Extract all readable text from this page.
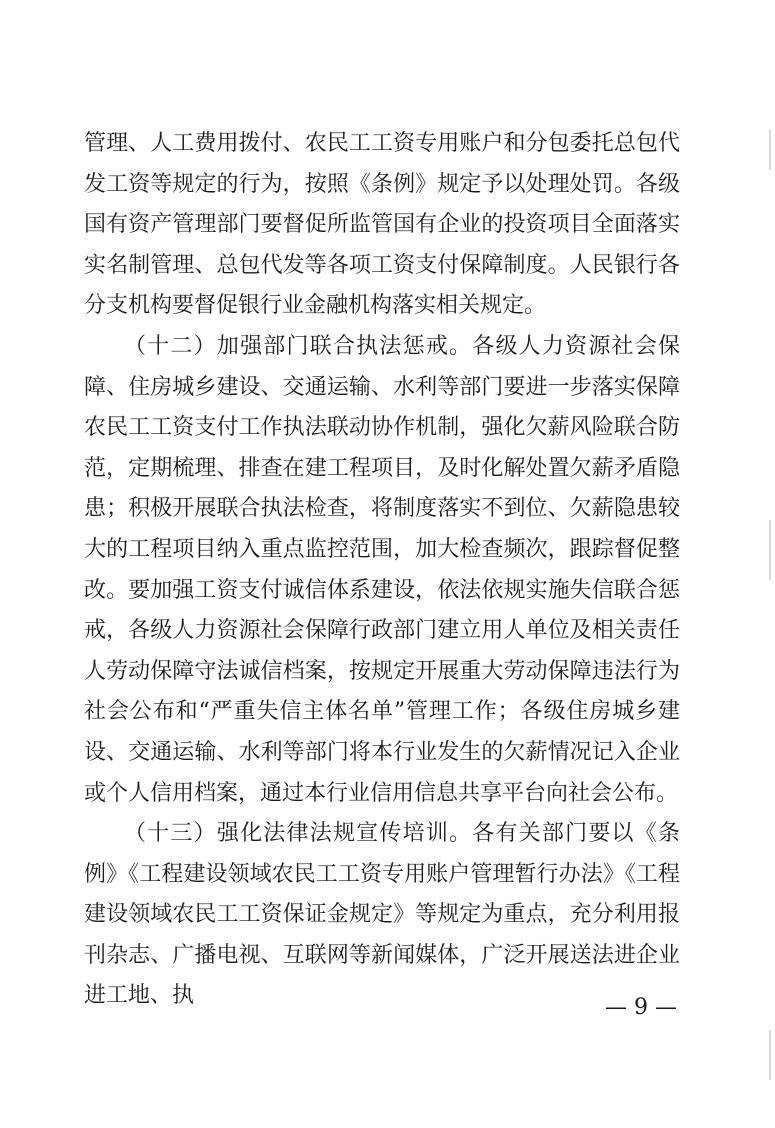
管理、人工费用拨付、农民工工资专用账户和分包委托总包代发工资等规定的行为，按照《条例》规定予以处理处罚。各级国有资产管理部门要督促所监管国有企业的投资项目全面落实实名制管理、总包代发等各项工资支付保障制度。人民银行各分支机构要督促银行业金融机构落实相关规定。

（十二）加强部门联合执法惩戒。各级人力资源社会保障、住房城乡建设、交通运输、水利等部门要进一步落实保障农民工工资支付工作执法联动协作机制，强化欠薪风险联合防范，定期梳理、排查在建工程项目，及时化解处置欠薪矛盾隐患；积极开展联合执法检查，将制度落实不到位、欠薪隐患较大的工程项目纳入重点监控范围，加大检查频次，跟踪督促整改。要加强工资支付诚信体系建设，依法依规实施失信联合惩戒，各级人力资源社会保障行政部门建立用人单位及相关责任人劳动保障守法诚信档案，按规定开展重大劳动保障违法行为社会公布和“严重失信主体名单”管理工作；各级住房城乡建设、交通运输、水利等部门将本行业发生的欠薪情况记入企业或个人信用档案，通过本行业信用信息共享平台向社会公布。

（十三）强化法律法规宣传培训。各有关部门要以《条例》《工程建设领域农民工工资专用账户管理暂行办法》《工程建设领域农民工工资保证金规定》等规定为重点，充分利用报刊杂志、广播电视、互联网等新闻媒体，广泛开展送法进企业进工地、执	— 9 —
